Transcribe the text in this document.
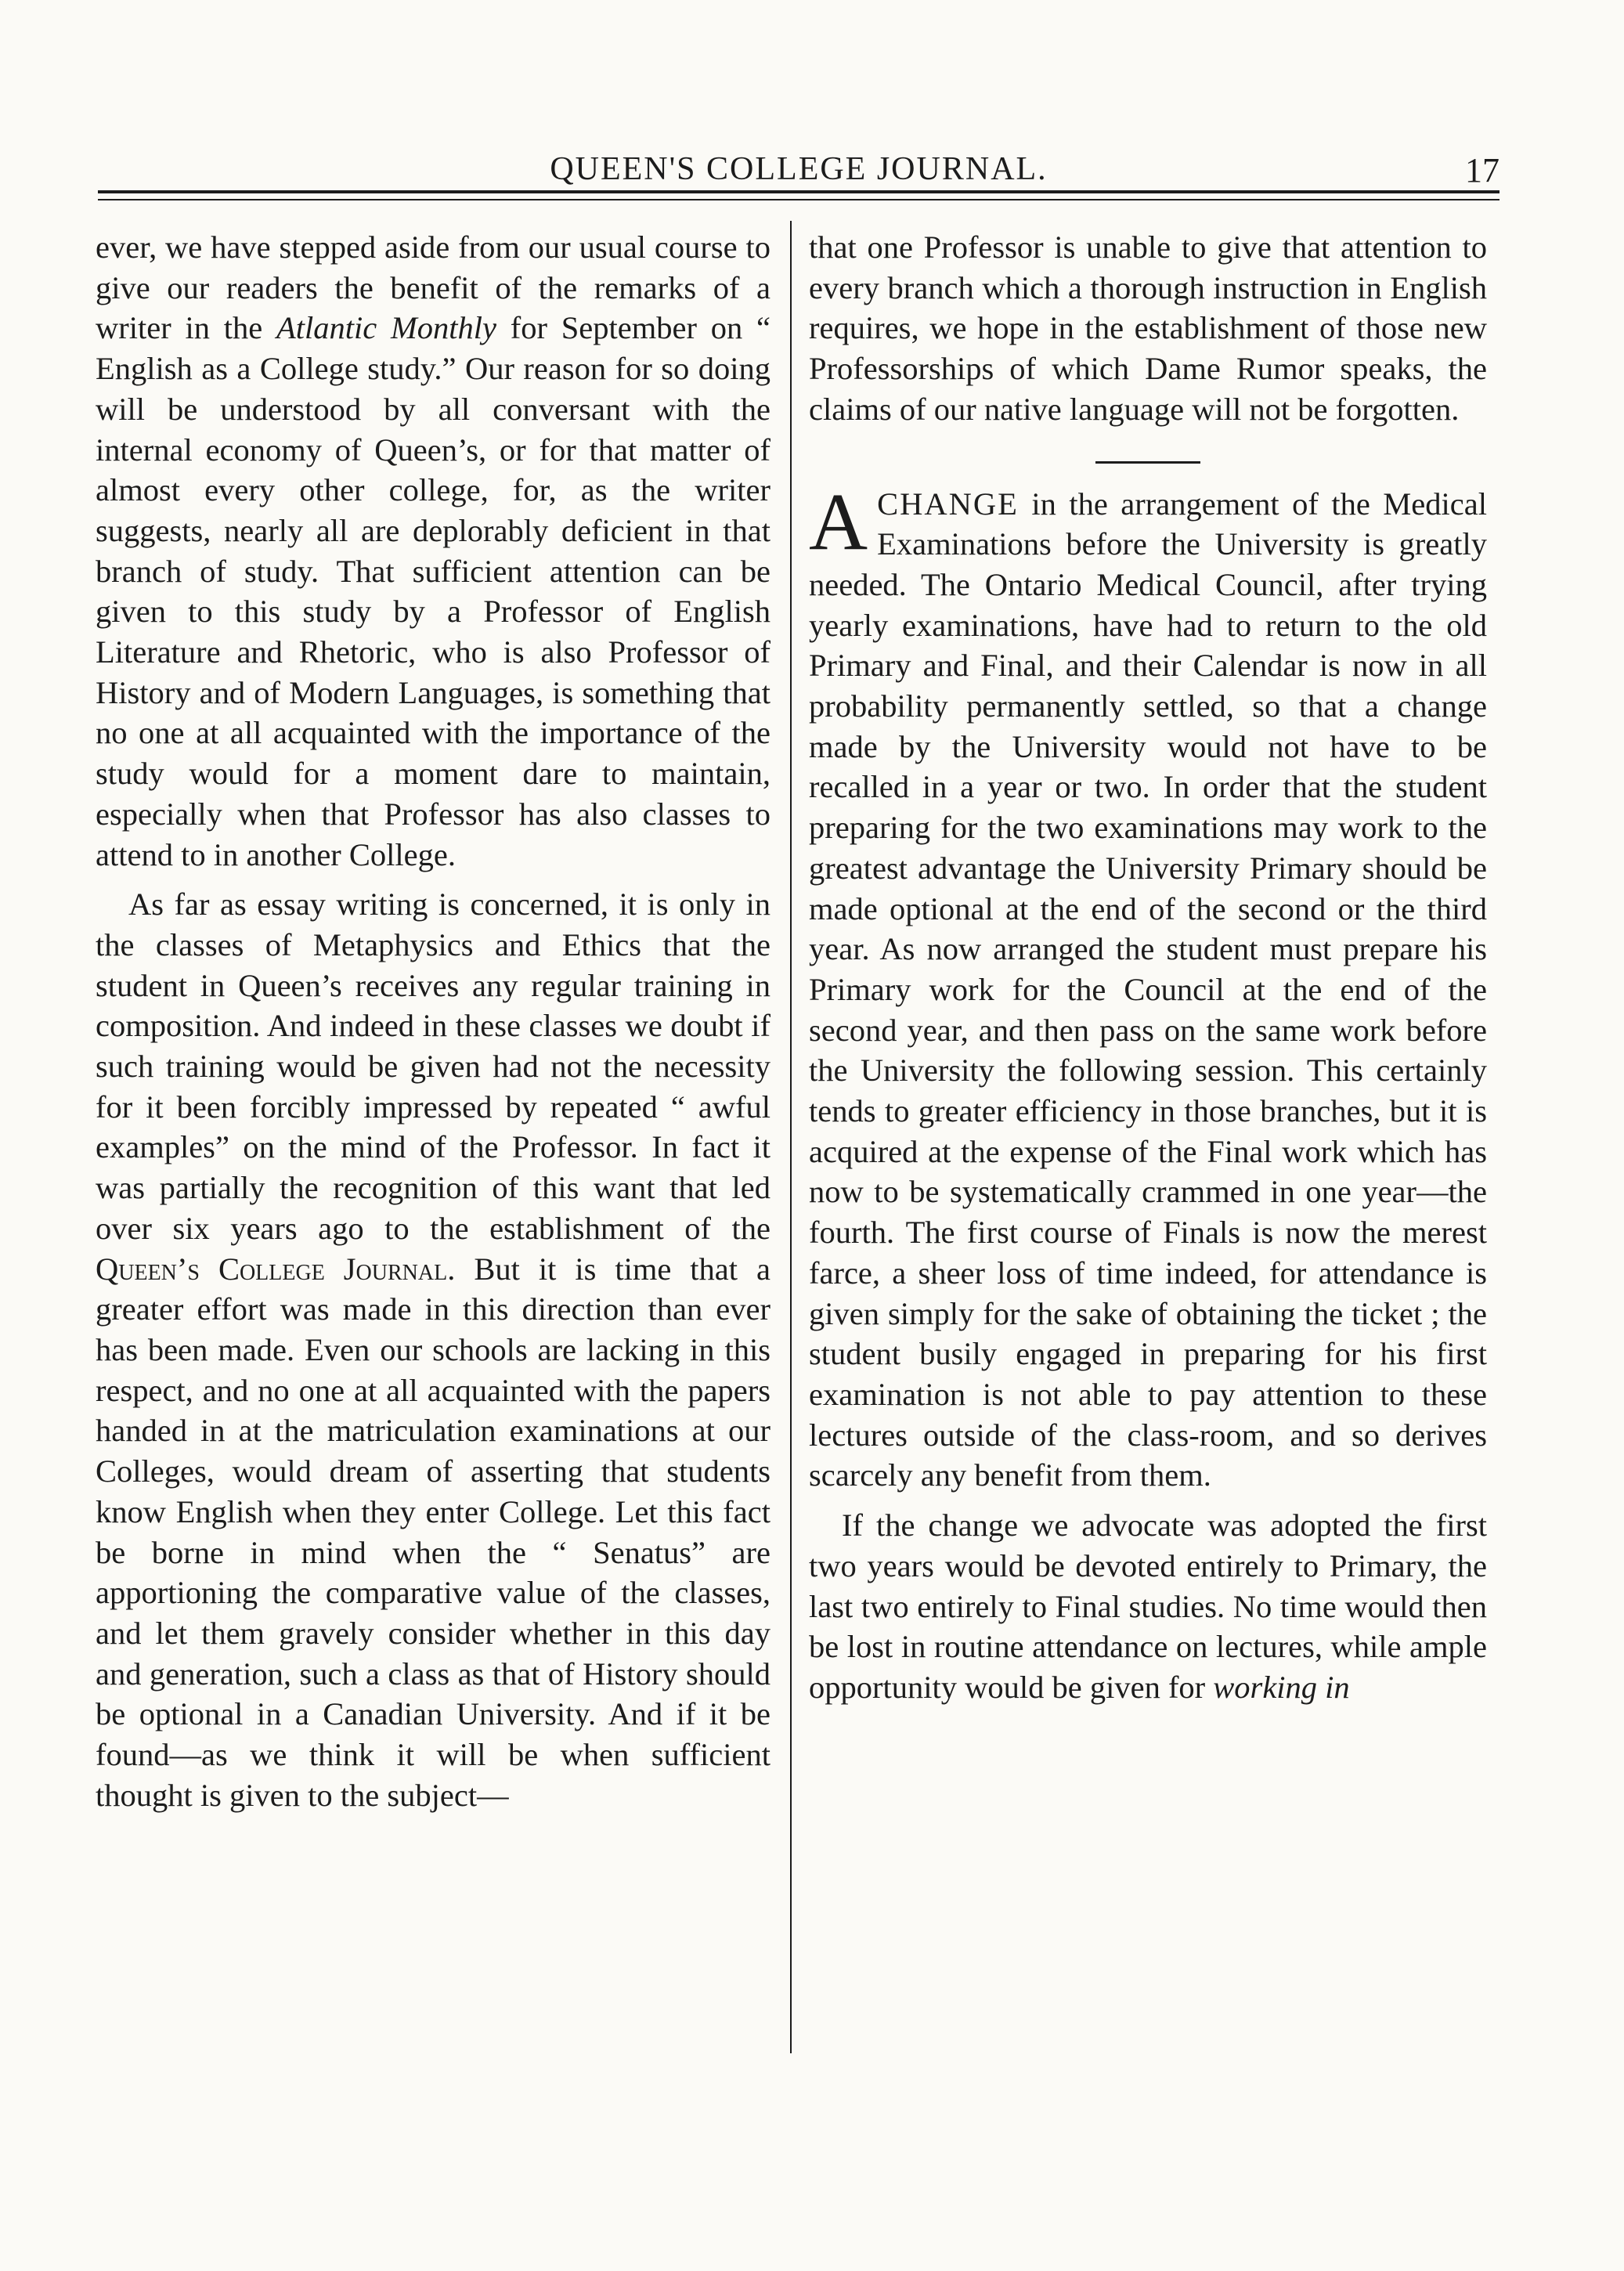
QUEEN'S COLLEGE JOURNAL.	17

ever, we have stepped aside from our usual course to give our readers the benefit of the remarks of a writer in the Atlantic Monthly for September on “ English as a College study.” Our reason for so doing will be understood by all conversant with the internal economy of Queen’s, or for that matter of almost every other college, for, as the writer suggests, nearly all are deplorably deficient in that branch of study. That sufficient attention can be given to this study by a Professor of English Literature and Rhetoric, who is also Professor of History and of Modern Languages, is something that no one at all acquainted with the importance of the study would for a moment dare to maintain, especially when that Professor has also classes to attend to in another College.

As far as essay writing is concerned, it is only in the classes of Metaphysics and Ethics that the student in Queen’s receives any regular training in composition. And indeed in these classes we doubt if such training would be given had not the necessity for it been forcibly impressed by repeated “ awful examples” on the mind of the Professor. In fact it was partially the recognition of this want that led over six years ago to the establishment of the Queen’s College Journal. But it is time that a greater effort was made in this direction than ever has been made. Even our schools are lacking in this respect, and no one at all acquainted with the papers handed in at the matriculation examinations at our Colleges, would dream of asserting that students know English when they enter College. Let this fact be borne in mind when the “ Senatus” are apportioning the comparative value of the classes, and let them gravely consider whether in this day and generation, such a class as that of History should be optional in a Canadian University. And if it be found—as we think it will be when sufficient thought is given to the subject—

that one Professor is unable to give that attention to every branch which a thorough instruction in English requires, we hope in the establishment of those new Professorships of which Dame Rumor speaks, the claims of our native language will not be forgotten.

ACHANGE in the arrangement of the Medical Examinations before the University is greatly needed. The Ontario Medical Council, after trying yearly examinations, have had to return to the old Primary and Final, and their Calendar is now in all probability permanently settled, so that a change made by the University would not have to be recalled in a year or two. In order that the student preparing for the two examinations may work to the greatest advantage the University Primary should be made optional at the end of the second or the third year. As now arranged the student must prepare his Primary work for the Council at the end of the second year, and then pass on the same work before the University the following session. This certainly tends to greater efficiency in those branches, but it is acquired at the expense of the Final work which has now to be systematically crammed in one year—the fourth. The first course of Finals is now the merest farce, a sheer loss of time indeed, for attendance is given simply for the sake of obtaining the ticket ; the student busily engaged in preparing for his first examination is not able to pay attention to these lectures outside of the class-room, and so derives scarcely any benefit from them.

If the change we advocate was adopted the first two years would be devoted entirely to Primary, the last two entirely to Final studies. No time would then be lost in routine attendance on lectures, while ample opportunity would be given for working in
